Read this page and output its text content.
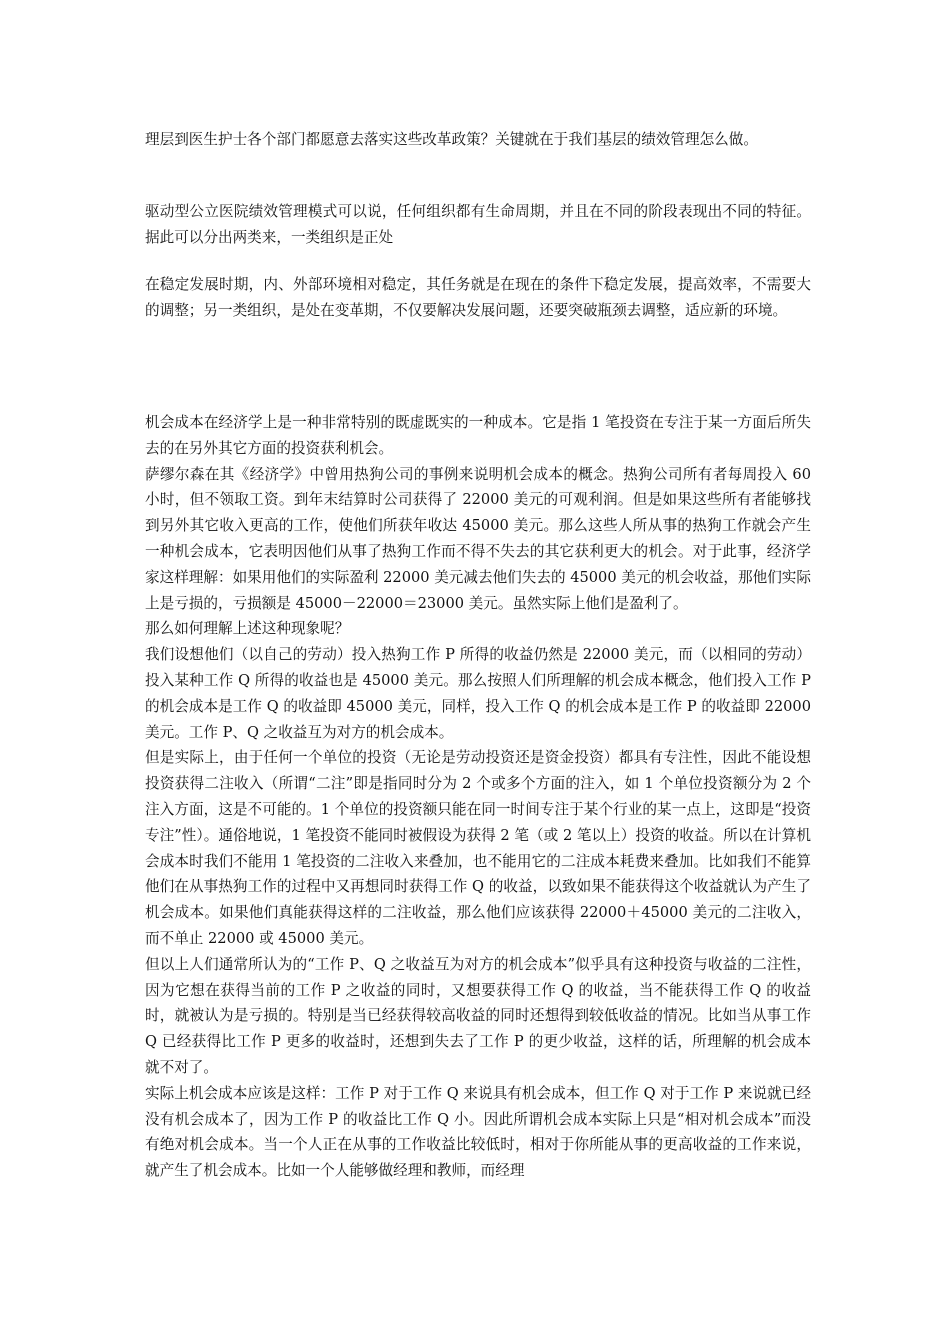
理层到医生护士各个部门都愿意去落实这些改革政策？关键就在于我们基层的绩效管理怎么做。

驱动型公立医院绩效管理模式可以说，任何组织都有生命周期，并且在不同的阶段表现出不同的特征。据此可以分出两类来，一类组织是正处

在稳定发展时期，内、外部环境相对稳定，其任务就是在现在的条件下稳定发展，提高效率，不需要大的调整；另一类组织，是处在变革期，不仅要解决发展问题，还要突破瓶颈去调整，适应新的环境。

机会成本在经济学上是一种非常特别的既虚既实的一种成本。它是指 1 笔投资在专注于某一方面后所失去的在另外其它方面的投资获利机会。

萨缪尔森在其《经济学》中曾用热狗公司的事例来说明机会成本的概念。热狗公司所有者每周投入 60 小时，但不领取工资。到年末结算时公司获得了 22000 美元的可观利润。但是如果这些所有者能够找到另外其它收入更高的工作，使他们所获年收达 45000 美元。那么这些人所从事的热狗工作就会产生一种机会成本，它表明因他们从事了热狗工作而不得不失去的其它获利更大的机会。对于此事，经济学家这样理解：如果用他们的实际盈利 22000 美元减去他们失去的 45000 美元的机会收益，那他们实际上是亏损的，亏损额是 45000－22000＝23000 美元。虽然实际上他们是盈利了。

那么如何理解上述这种现象呢？

我们设想他们（以自己的劳动）投入热狗工作 P 所得的收益仍然是 22000 美元，而（以相同的劳动）投入某种工作 Q 所得的收益也是 45000 美元。那么按照人们所理解的机会成本概念，他们投入工作 P 的机会成本是工作 Q 的收益即 45000 美元，同样，投入工作 Q 的机会成本是工作 P 的收益即 22000 美元。工作 P、Q 之收益互为对方的机会成本。

但是实际上，由于任何一个单位的投资（无论是劳动投资还是资金投资）都具有专注性，因此不能设想投资获得二注收入（所谓“二注”即是指同时分为 2 个或多个方面的注入，如 1 个单位投资额分为 2 个注入方面，这是不可能的。1 个单位的投资额只能在同一时间专注于某个行业的某一点上，这即是“投资专注”性）。通俗地说，1 笔投资不能同时被假设为获得 2 笔（或 2 笔以上）投资的收益。所以在计算机会成本时我们不能用 1 笔投资的二注收入来叠加，也不能用它的二注成本耗费来叠加。比如我们不能算他们在从事热狗工作的过程中又再想同时获得工作 Q 的收益，以致如果不能获得这个收益就认为产生了机会成本。如果他们真能获得这样的二注收益，那么他们应该获得 22000＋45000 美元的二注收入，而不单止 22000 或 45000 美元。

但以上人们通常所认为的“工作 P、Q 之收益互为对方的机会成本”似乎具有这种投资与收益的二注性，因为它想在获得当前的工作 P 之收益的同时，又想要获得工作 Q 的收益，当不能获得工作 Q 的收益时，就被认为是亏损的。特别是当已经获得较高收益的同时还想得到较低收益的情况。比如当从事工作 Q 已经获得比工作 P 更多的收益时，还想到失去了工作 P 的更少收益，这样的话，所理解的机会成本就不对了。

实际上机会成本应该是这样：工作 P 对于工作 Q 来说具有机会成本，但工作 Q 对于工作 P 来说就已经没有机会成本了，因为工作 P 的收益比工作 Q 小。因此所谓机会成本实际上只是“相对机会成本”而没有绝对机会成本。当一个人正在从事的工作收益比较低时，相对于你所能从事的更高收益的工作来说，就产生了机会成本。比如一个人能够做经理和教师，而经理
